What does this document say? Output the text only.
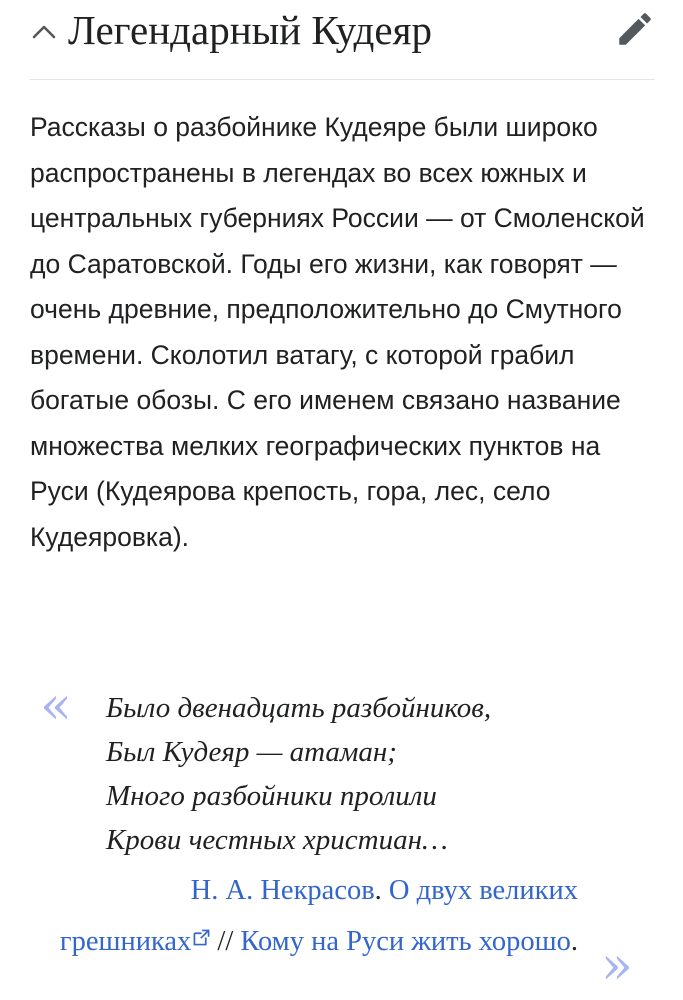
Легендарный Кудеяр

Рассказы о разбойнике Кудеяре были широко распространены в легендах во всех южных и центральных губерниях России — от Смоленской до Саратовской. Годы его жизни, как говорят — очень древние, предположительно до Смутного времени. Сколотил ватагу, с которой грабил богатые обозы. С его именем связано название множества мелких географических пунктов на Руси (Кудеярова крепость, гора, лес, село Кудеяровка).

« Было двенадцать разбойников,
Был Кудеяр — атаман;
Много разбойники пролили
Крови честных христиан…
Н. А. Некрасов. О двух великих грешниках // Кому на Руси жить хорошо. »
